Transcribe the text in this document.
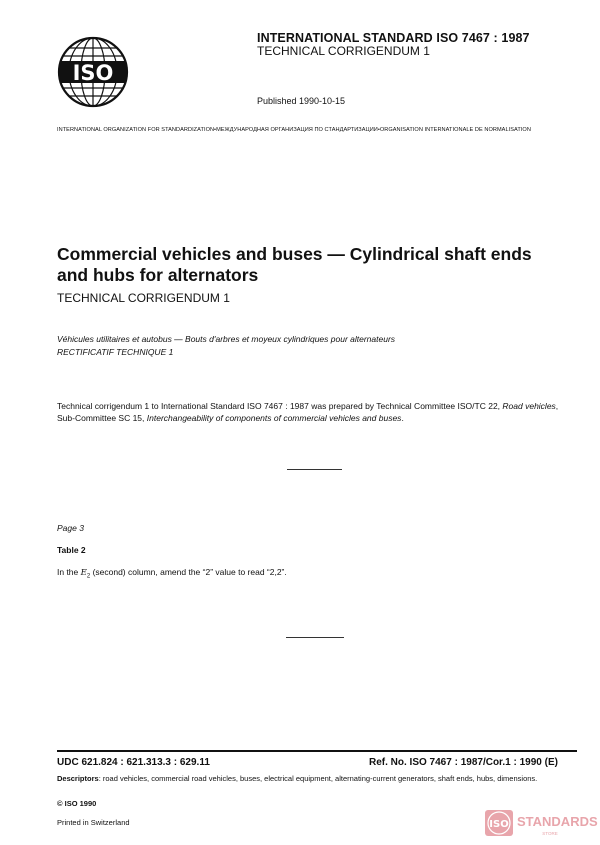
ISO
INTERNATIONAL STANDARD ISO 7467 : 1987
TECHNICAL CORRIGENDUM 1
Published 1990-10-15
INTERNATIONAL ORGANIZATION FOR STANDARDIZATION•МЕЖДУНАРОДНАЯ ОРГАНИЗАЦИЯ ПО СТАНДАРТИЗАЦИИ•ORGANISATION INTERNATIONALE DE NORMALISATION
Commercial vehicles and buses — Cylindrical shaft ends and hubs for alternators
TECHNICAL CORRIGENDUM 1
Véhicules utilitaires et autobus — Bouts d'arbres et moyeux cylindriques pour alternateurs
RECTIFICATIF TECHNIQUE 1
Technical corrigendum 1 to International Standard ISO 7467 : 1987 was prepared by Technical Committee ISO/TC 22, Road vehicles, Sub-Committee SC 15, Interchangeability of components of commercial vehicles and buses.
Page 3
Table 2
In the $E_2$ (second) column, amend the “2” value to read “2,2”.
UDC 621.824 : 621.313.3 : 629.11	Ref. No. ISO 7467 : 1987/Cor.1 : 1990 (E)
Descriptors: road vehicles, commercial road vehicles, buses, electrical equipment, alternating-current generators, shaft ends, hubs, dimensions.
© ISO 1990
Printed in Switzerland	ISO STANDARDS
STORE
